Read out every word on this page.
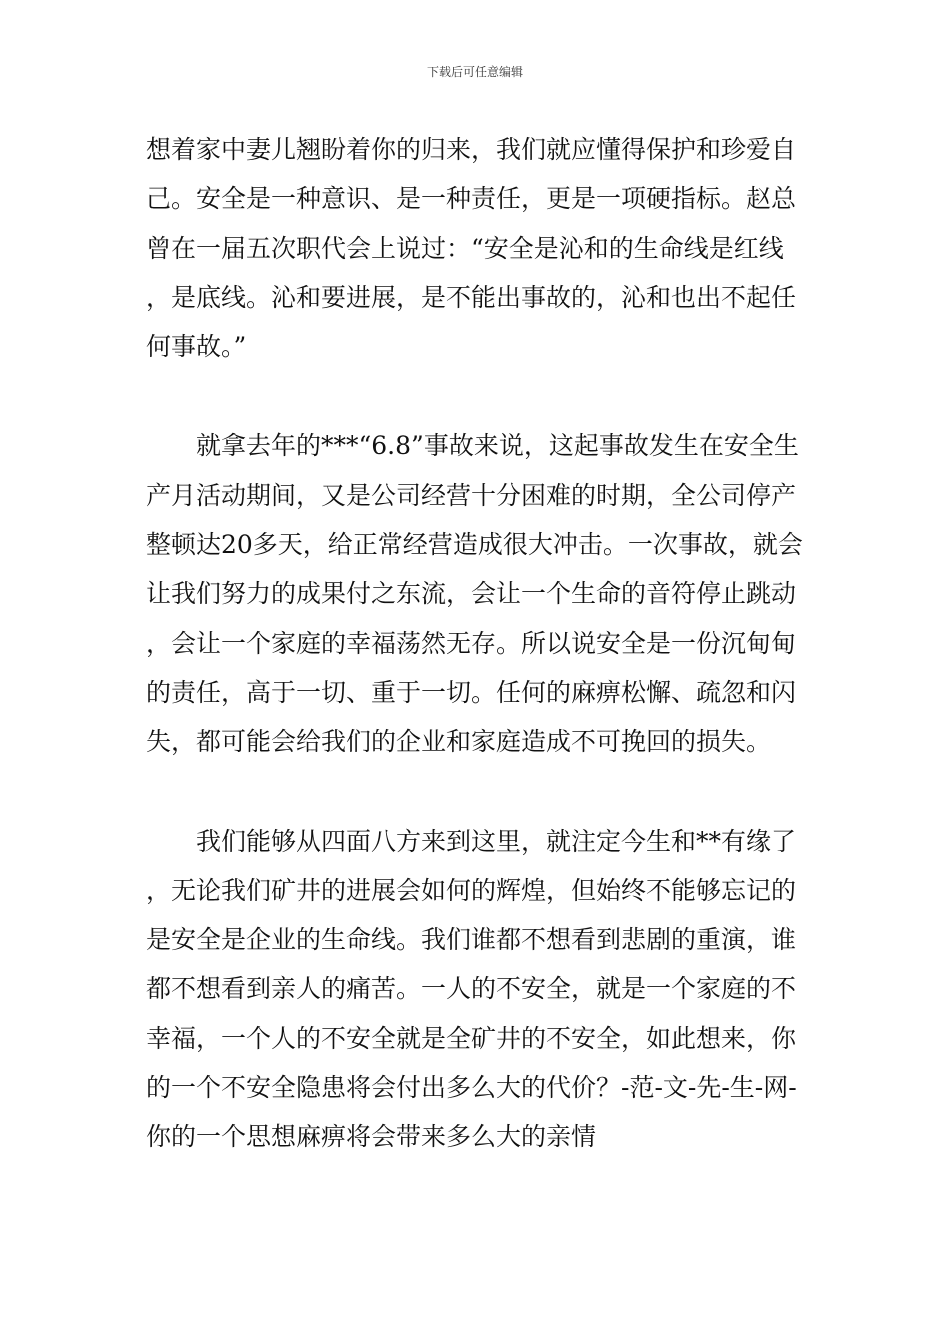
下载后可任意编辑

想着家中妻儿翘盼着你的归来，我们就应懂得保护和珍爱自己。安全是一种意识、是一种责任，更是一项硬指标。赵总曾在一届五次职代会上说过：“安全是沁和的生命线是红线，是底线。沁和要进展，是不能出事故的，沁和也出不起任何事故。”

就拿去年的***“6.8”事故来说，这起事故发生在安全生产月活动期间，又是公司经营十分困难的时期，全公司停产整顿达20多天，给正常经营造成很大冲击。一次事故，就会让我们努力的成果付之东流，会让一个生命的音符停止跳动，会让一个家庭的幸福荡然无存。所以说安全是一份沉甸甸的责任，高于一切、重于一切。任何的麻痹松懈、疏忽和闪失，都可能会给我们的企业和家庭造成不可挽回的损失。

我们能够从四面八方来到这里，就注定今生和**有缘了，无论我们矿井的进展会如何的辉煌，但始终不能够忘记的是安全是企业的生命线。我们谁都不想看到悲剧的重演，谁都不想看到亲人的痛苦。一人的不安全，就是一个家庭的不幸福，一个人的不安全就是全矿井的不安全，如此想来，你的一个不安全隐患将会付出多么大的代价？-范-文-先-生-网-你的一个思想麻痹将会带来多么大的亲情
